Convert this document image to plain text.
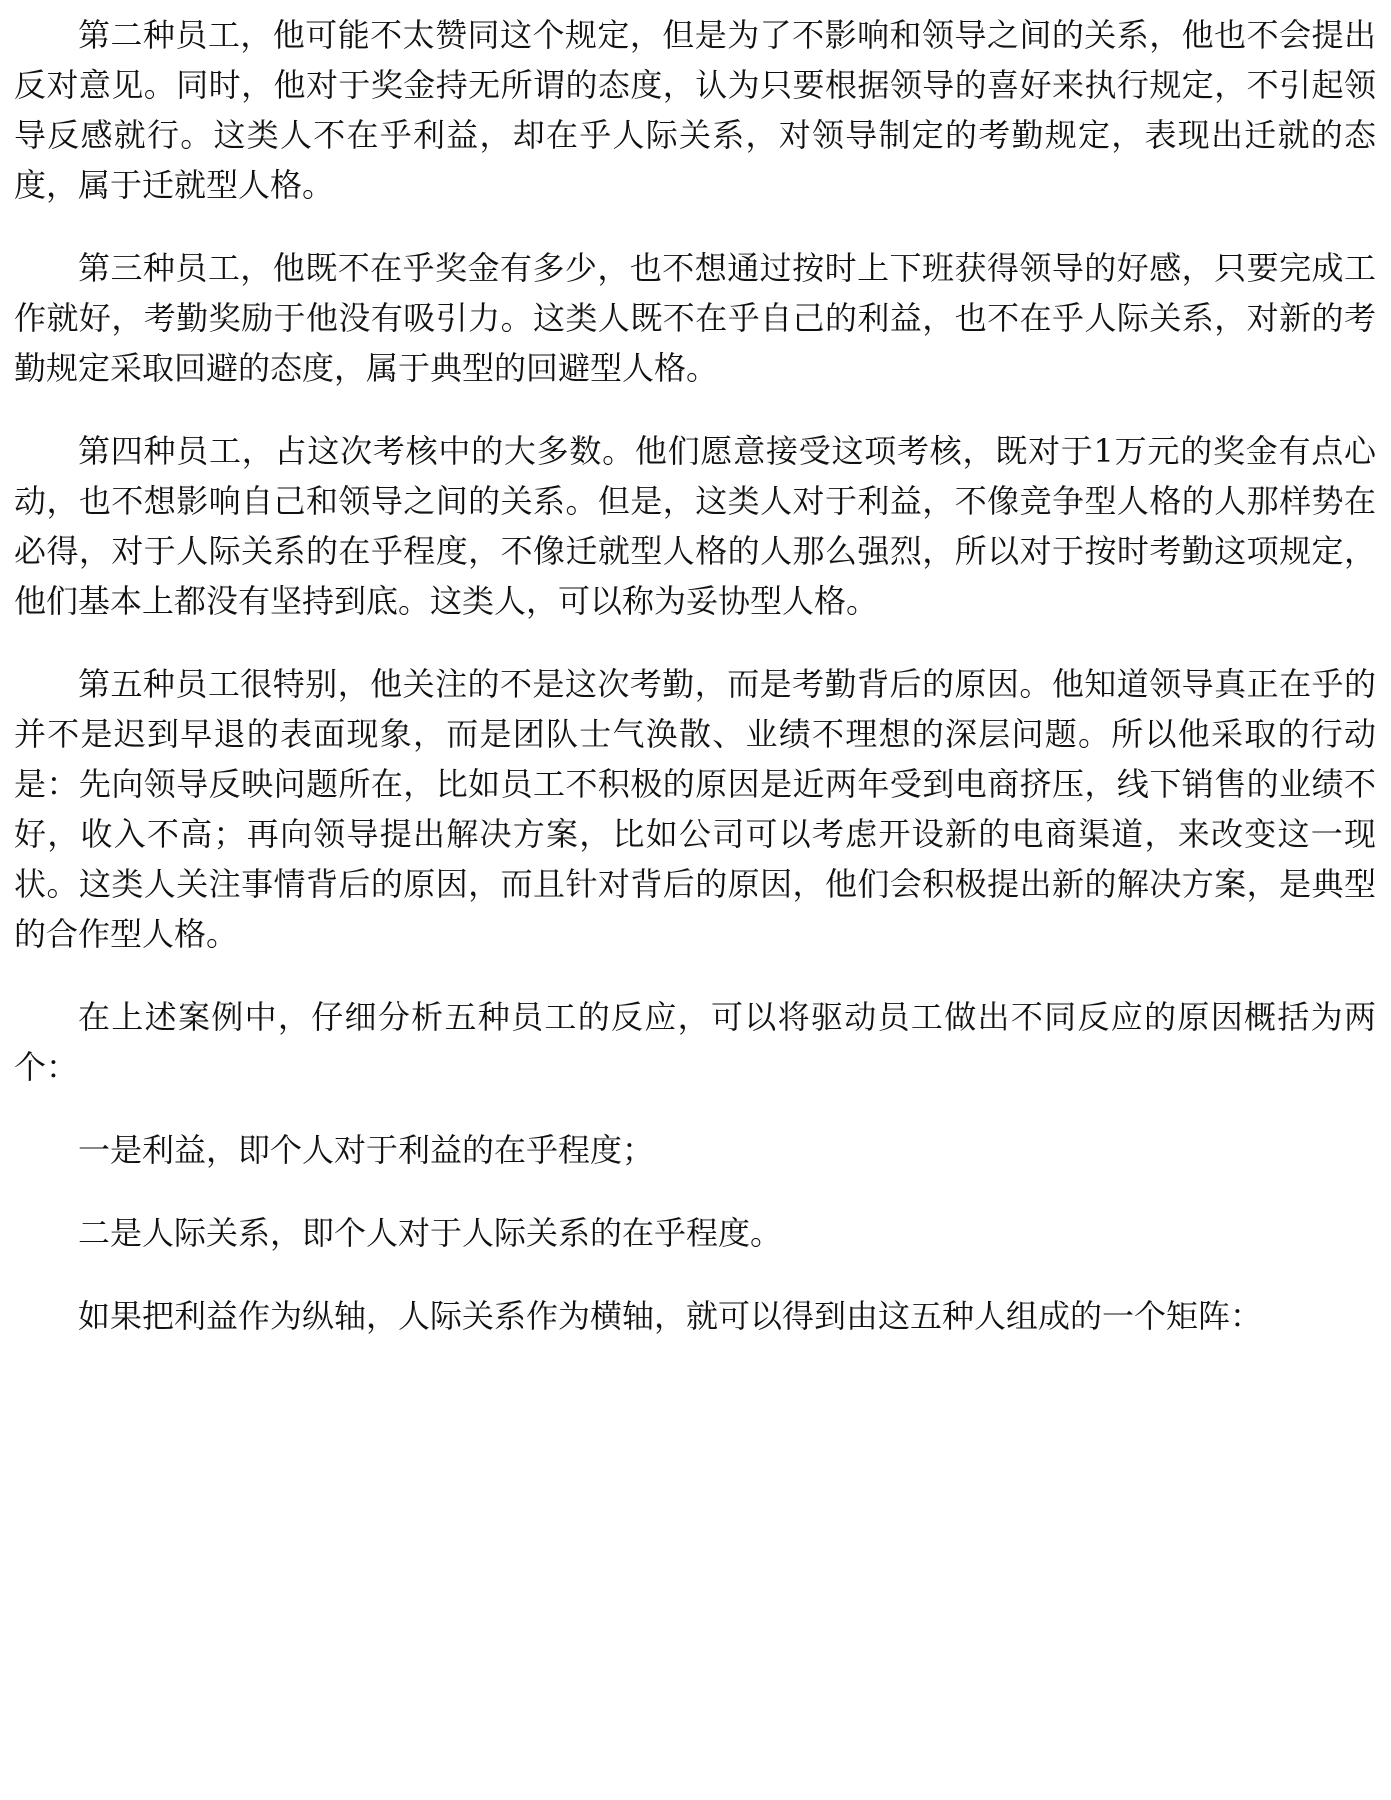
第二种员工，他可能不太赞同这个规定，但是为了不影响和领导之间的关系，他也不会提出反对意见。同时，他对于奖金持无所谓的态度，认为只要根据领导的喜好来执行规定，不引起领导反感就行。这类人不在乎利益，却在乎人际关系，对领导制定的考勤规定，表现出迁就的态度，属于迁就型人格。

第三种员工，他既不在乎奖金有多少，也不想通过按时上下班获得领导的好感，只要完成工作就好，考勤奖励于他没有吸引力。这类人既不在乎自己的利益，也不在乎人际关系，对新的考勤规定采取回避的态度，属于典型的回避型人格。

第四种员工，占这次考核中的大多数。他们愿意接受这项考核，既对于1万元的奖金有点心动，也不想影响自己和领导之间的关系。但是，这类人对于利益，不像竞争型人格的人那样势在必得，对于人际关系的在乎程度，不像迁就型人格的人那么强烈，所以对于按时考勤这项规定，他们基本上都没有坚持到底。这类人，可以称为妥协型人格。

第五种员工很特别，他关注的不是这次考勤，而是考勤背后的原因。他知道领导真正在乎的并不是迟到早退的表面现象，而是团队士气涣散、业绩不理想的深层问题。所以他采取的行动是：先向领导反映问题所在，比如员工不积极的原因是近两年受到电商挤压，线下销售的业绩不好，收入不高；再向领导提出解决方案，比如公司可以考虑开设新的电商渠道，来改变这一现状。这类人关注事情背后的原因，而且针对背后的原因，他们会积极提出新的解决方案，是典型的合作型人格。

在上述案例中，仔细分析五种员工的反应，可以将驱动员工做出不同反应的原因概括为两个：

一是利益，即个人对于利益的在乎程度；

二是人际关系，即个人对于人际关系的在乎程度。

如果把利益作为纵轴，人际关系作为横轴，就可以得到由这五种人组成的一个矩阵：
